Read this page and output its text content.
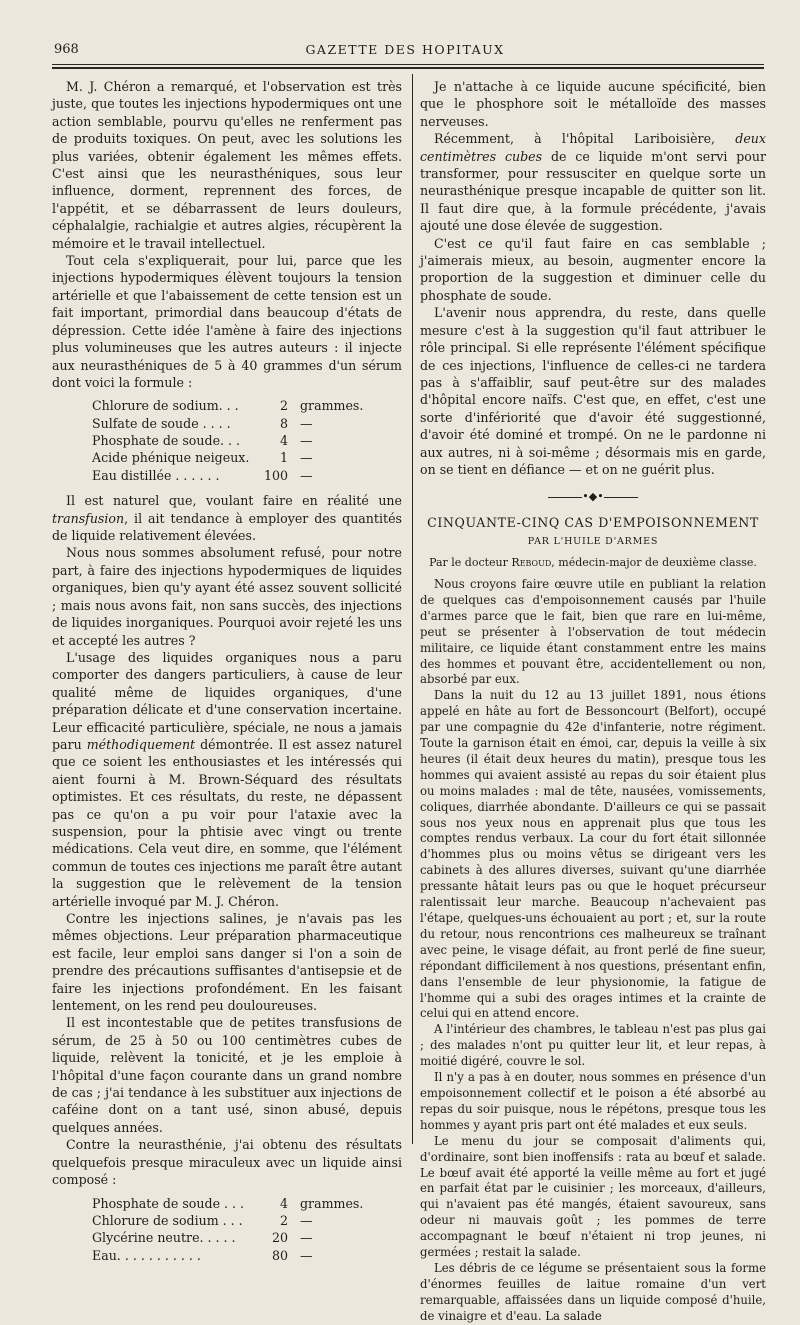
968	GAZETTE DES HOPITAUX

M. J. Chéron a remarqué, et l'observation est très juste, que toutes les injections hypodermiques ont une action semblable, pourvu qu'elles ne renferment pas de produits toxiques. On peut, avec les solutions les plus variées, obtenir également les mêmes effets. C'est ainsi que les neurasthéniques, sous leur influence, dorment, reprennent des forces, de l'appétit, et se débarrassent de leurs douleurs, céphalalgie, rachialgie et autres algies, récupèrent la mémoire et le travail intellectuel.

Tout cela s'expliquerait, pour lui, parce que les injections hypodermiques élèvent toujours la tension artérielle et que l'abaissement de cette tension est un fait important, primordial dans beaucoup d'états de dépression. Cette idée l'amène à faire des injections plus volumineuses que les autres auteurs : il injecte aux neurasthéniques de 5 à 40 grammes d'un sérum dont voici la formule :

Chlorure de sodium. . .	2 grammes.
Sulfate de soude . . . .	8 —
Phosphate de soude. . .	4 —
Acide phénique neigeux.	1 —
Eau distillée . . . . . .	100 —

Il est naturel que, voulant faire en réalité une transfusion, il ait tendance à employer des quantités de liquide relativement élevées.

Nous nous sommes absolument refusé, pour notre part, à faire des injections hypodermiques de liquides organiques, bien qu'y ayant été assez souvent sollicité ; mais nous avons fait, non sans succès, des injections de liquides inorganiques. Pourquoi avoir rejeté les uns et accepté les autres ?

L'usage des liquides organiques nous a paru comporter des dangers particuliers, à cause de leur qualité même de liquides organiques, d'une préparation délicate et d'une conservation incertaine. Leur efficacité particulière, spéciale, ne nous a jamais paru méthodiquement démontrée. Il est assez naturel que ce soient les enthousiastes et les intéressés qui aient fourni à M. Brown-Séquard des résultats optimistes. Et ces résultats, du reste, ne dépassent pas ce qu'on a pu voir pour l'ataxie avec la suspension, pour la phtisie avec vingt ou trente médications. Cela veut dire, en somme, que l'élément commun de toutes ces injections me paraît être autant la suggestion que le relèvement de la tension artérielle invoqué par M. J. Chéron.

Contre les injections salines, je n'avais pas les mêmes objections. Leur préparation pharmaceutique est facile, leur emploi sans danger si l'on a soin de prendre des précautions suffisantes d'antisepsie et de faire les injections profondément. En les faisant lentement, on les rend peu douloureuses.

Il est incontestable que de petites transfusions de sérum, de 25 à 50 ou 100 centimètres cubes de liquide, relèvent la tonicité, et je les emploie à l'hôpital d'une façon courante dans un grand nombre de cas ; j'ai tendance à les substituer aux injections de caféine dont on a tant usé, sinon abusé, depuis quelques années.

Contre la neurasthénie, j'ai obtenu des résultats quelquefois presque miraculeux avec un liquide ainsi composé :

Phosphate de soude . . .	4 grammes.
Chlorure de sodium . . .	2 —
Glycérine neutre. . . . .	20 —
Eau. . . . . . . . . . .	80 —

Je n'attache à ce liquide aucune spécificité, bien que le phosphore soit le métalloïde des masses nerveuses.

Récemment, à l'hôpital Lariboisière, deux centimètres cubes de ce liquide m'ont servi pour transformer, pour ressusciter en quelque sorte un neurasthénique presque incapable de quitter son lit. Il faut dire que, à la formule précédente, j'avais ajouté une dose élevée de suggestion.

C'est ce qu'il faut faire en cas semblable ; j'aimerais mieux, au besoin, augmenter encore la proportion de la suggestion et diminuer celle du phosphate de soude.

L'avenir nous apprendra, du reste, dans quelle mesure c'est à la suggestion qu'il faut attribuer le rôle principal. Si elle représente l'élément spécifique de ces injections, l'influence de celles-ci ne tardera pas à s'affaiblir, sauf peut-être sur des malades d'hôpital encore naïfs. C'est que, en effet, c'est une sorte d'infériorité que d'avoir été suggestionné, d'avoir été dominé et trompé. On ne le pardonne ni aux autres, ni à soi-même ; désormais mis en garde, on se tient en défiance — et on ne guérit plus.

•◆•
CINQUANTE-CINQ CAS D'EMPOISONNEMENT
PAR L'HUILE D'ARMES
Par le docteur Reboud, médecin-major de deuxième classe.

Nous croyons faire œuvre utile en publiant la relation de quelques cas d'empoisonnement causés par l'huile d'armes parce que le fait, bien que rare en lui-même, peut se présenter à l'observation de tout médecin militaire, ce liquide étant constamment entre les mains des hommes et pouvant être, accidentellement ou non, absorbé par eux.

Dans la nuit du 12 au 13 juillet 1891, nous étions appelé en hâte au fort de Bessoncourt (Belfort), occupé par une compagnie du 42e d'infanterie, notre régiment. Toute la garnison était en émoi, car, depuis la veille à six heures (il était deux heures du matin), presque tous les hommes qui avaient assisté au repas du soir étaient plus ou moins malades : mal de tête, nausées, vomissements, coliques, diarrhée abondante. D'ailleurs ce qui se passait sous nos yeux nous en apprenait plus que tous les comptes rendus verbaux. La cour du fort était sillonnée d'hommes plus ou moins vêtus se dirigeant vers les cabinets à des allures diverses, suivant qu'une diarrhée pressante hâtait leurs pas ou que le hoquet précurseur ralentissait leur marche. Beaucoup n'achevaient pas l'étape, quelques-uns échouaient au port ; et, sur la route du retour, nous rencontrions ces malheureux se traînant avec peine, le visage défait, au front perlé de fine sueur, répondant difficilement à nos questions, présentant enfin, dans l'ensemble de leur physionomie, la fatigue de l'homme qui a subi des orages intimes et la crainte de celui qui en attend encore.

A l'intérieur des chambres, le tableau n'est pas plus gai ; des malades n'ont pu quitter leur lit, et leur repas, à moitié digéré, couvre le sol.

Il n'y a pas à en douter, nous sommes en présence d'un empoisonnement collectif et le poison a été absorbé au repas du soir puisque, nous le répétons, presque tous les hommes y ayant pris part ont été malades et eux seuls.

Le menu du jour se composait d'aliments qui, d'ordinaire, sont bien inoffensifs : rata au bœuf et salade. Le bœuf avait été apporté la veille même au fort et jugé en parfait état par le cuisinier ; les morceaux, d'ailleurs, qui n'avaient pas été mangés, étaient savoureux, sans odeur ni mauvais goût ; les pommes de terre accompagnant le bœuf n'étaient ni trop jeunes, ni germées ; restait la salade.

Les débris de ce légume se présentaient sous la forme d'énormes feuilles de laitue romaine d'un vert remarquable, affaissées dans un liquide composé d'huile, de vinaigre et d'eau. La salade
